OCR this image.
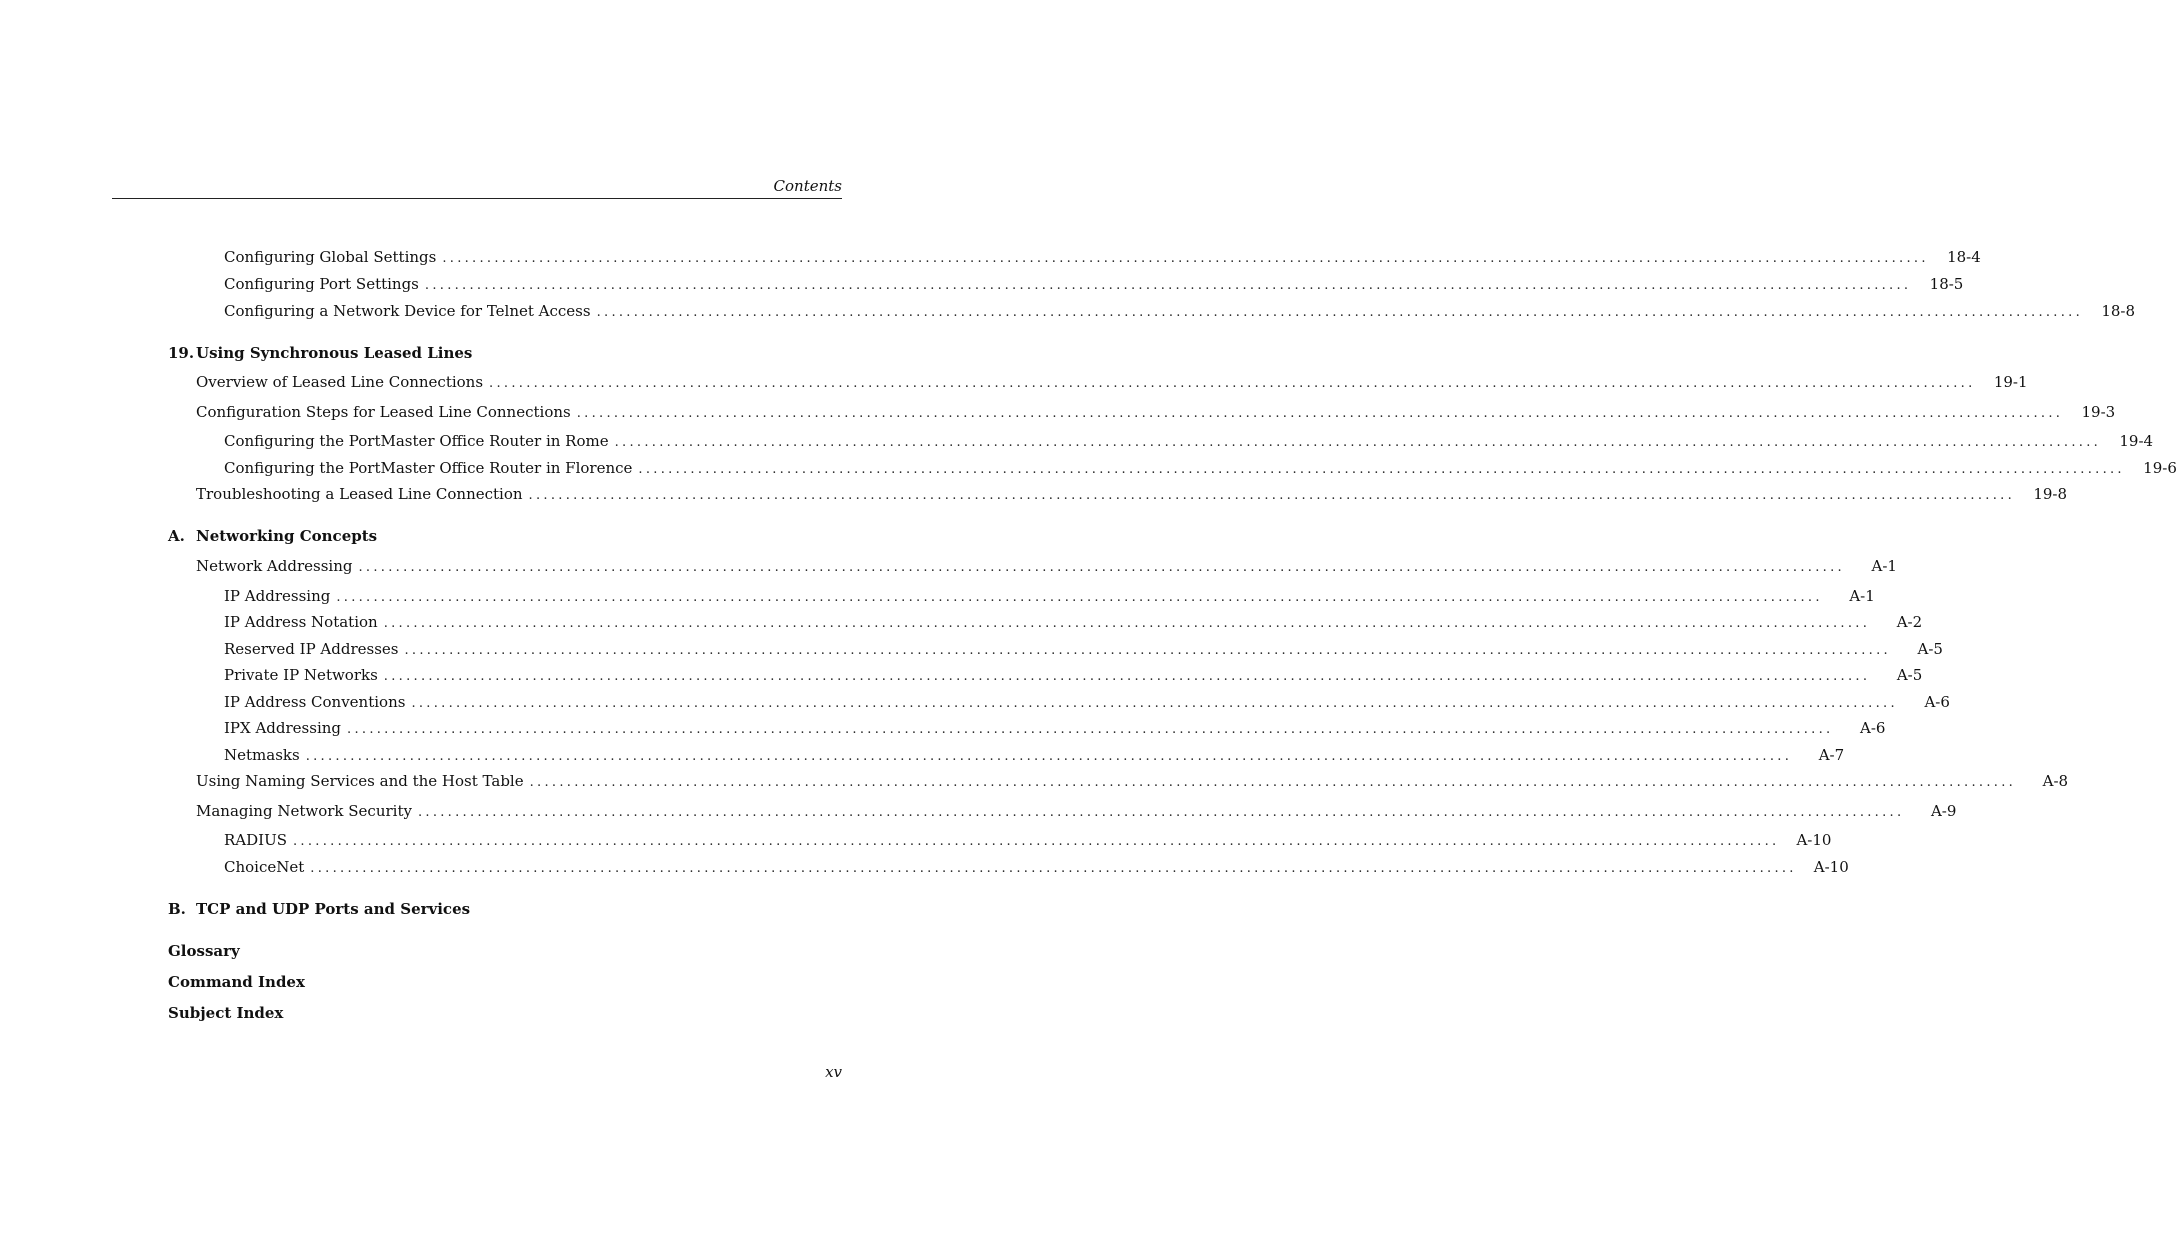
Contents
Configuring Global Settings ........................................................................................................................................................................................................	18-4
Configuring Port Settings ........................................................................................................................................................................................................	18-5
Configuring a Network Device for Telnet Access ........................................................................................................................................................................................................	18-8
19. Using Synchronous Leased Lines
Overview of Leased Line Connections ........................................................................................................................................................................................................	19-1
Configuration Steps for Leased Line Connections ........................................................................................................................................................................................................	19-3
Configuring the PortMaster Office Router in Rome ........................................................................................................................................................................................................	19-4
Configuring the PortMaster Office Router in Florence ........................................................................................................................................................................................................	19-6
Troubleshooting a Leased Line Connection ........................................................................................................................................................................................................	19-8
A. Networking Concepts
Network Addressing ........................................................................................................................................................................................................	A-1
IP Addressing ........................................................................................................................................................................................................	A-1
IP Address Notation ........................................................................................................................................................................................................	A-2
Reserved IP Addresses ........................................................................................................................................................................................................	A-5
Private IP Networks ........................................................................................................................................................................................................	A-5
IP Address Conventions ........................................................................................................................................................................................................	A-6
IPX Addressing ........................................................................................................................................................................................................	A-6
Netmasks ........................................................................................................................................................................................................	A-7
Using Naming Services and the Host Table ........................................................................................................................................................................................................	A-8
Managing Network Security ........................................................................................................................................................................................................	A-9
RADIUS ........................................................................................................................................................................................................	A-10
ChoiceNet ........................................................................................................................................................................................................	A-10
B. TCP and UDP Ports and Services
Glossary
Command Index
Subject Index
xv
